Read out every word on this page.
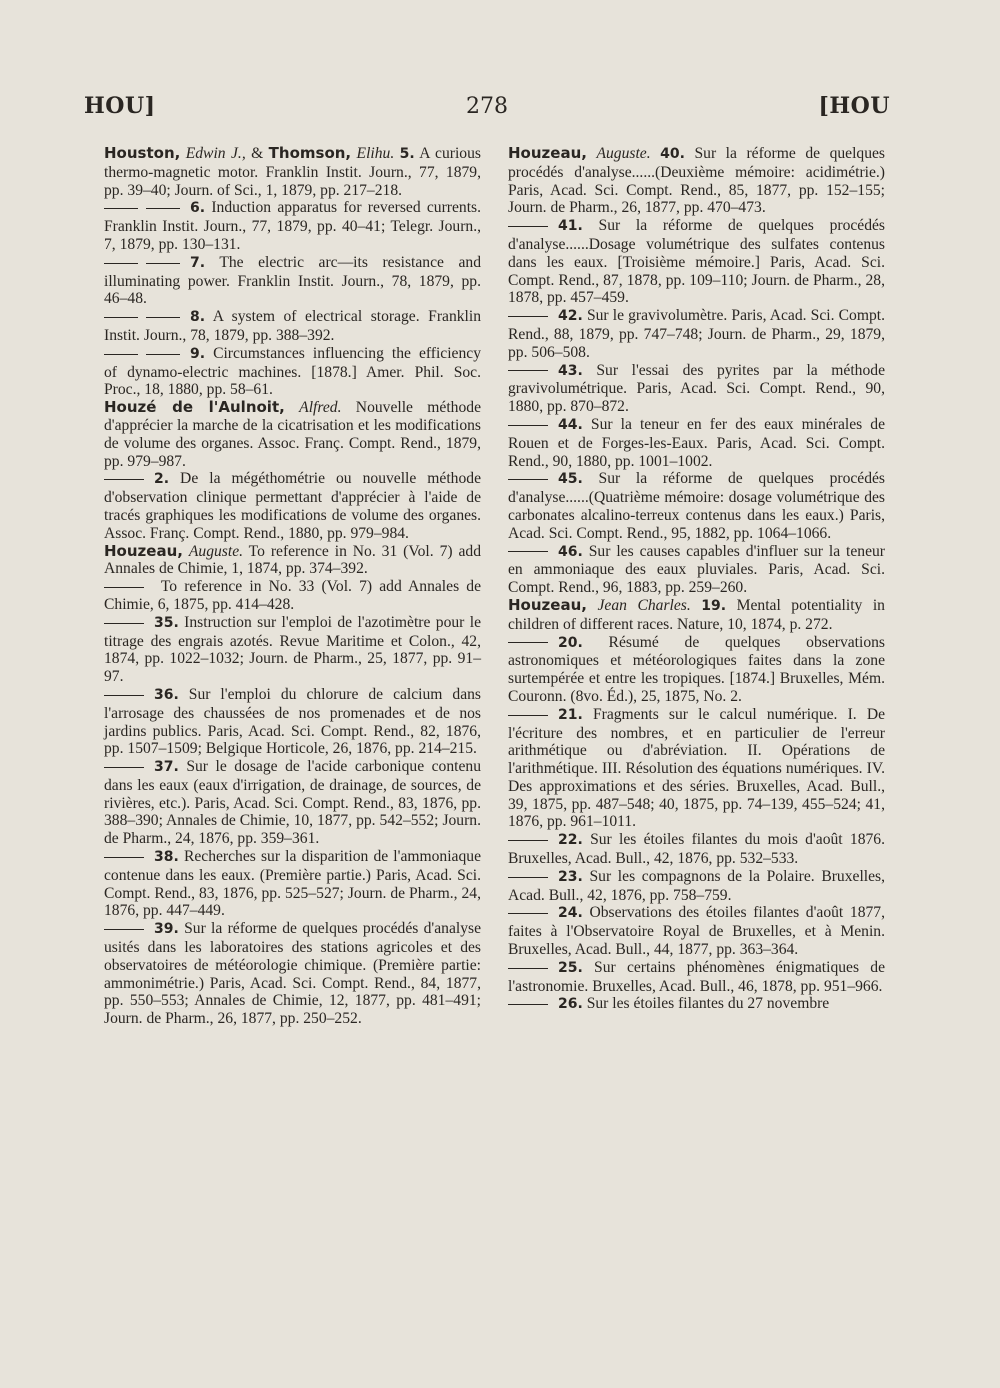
HOU]	278	[HOU
Houston, Edwin J., & Thomson, Elihu. 5. A curious thermo-magnetic motor. Franklin Instit. Journ., 77, 1879, pp. 39–40; Journ. of Sci., 1, 1879, pp. 217–218.
6. Induction apparatus for reversed currents. Franklin Instit. Journ., 77, 1879, pp. 40–41; Telegr. Journ., 7, 1879, pp. 130–131.
7. The electric arc—its resistance and illuminating power. Franklin Instit. Journ., 78, 1879, pp. 46–48.
8. A system of electrical storage. Franklin Instit. Journ., 78, 1879, pp. 388–392.
9. Circumstances influencing the efficiency of dynamo-electric machines. [1878.] Amer. Phil. Soc. Proc., 18, 1880, pp. 58–61.
Houzé de l'Aulnoit, Alfred. Nouvelle méthode d'apprécier la marche de la cicatrisation et les modifications de volume des organes. Assoc. Franç. Compt. Rend., 1879, pp. 979–987.
2. De la mégéthométrie ou nouvelle méthode d'observation clinique permettant d'apprécier à l'aide de tracés graphiques les modifications de volume des organes. Assoc. Franç. Compt. Rend., 1880, pp. 979–984.
Houzeau, Auguste. To reference in No. 31 (Vol. 7) add Annales de Chimie, 1, 1874, pp. 374–392.
To reference in No. 33 (Vol. 7) add Annales de Chimie, 6, 1875, pp. 414–428.
35. Instruction sur l'emploi de l'azotimètre pour le titrage des engrais azotés. Revue Maritime et Colon., 42, 1874, pp. 1022–1032; Journ. de Pharm., 25, 1877, pp. 91–97.
36. Sur l'emploi du chlorure de calcium dans l'arrosage des chaussées de nos promenades et de nos jardins publics. Paris, Acad. Sci. Compt. Rend., 82, 1876, pp. 1507–1509; Belgique Horticole, 26, 1876, pp. 214–215.
37. Sur le dosage de l'acide carbonique contenu dans les eaux (eaux d'irrigation, de drainage, de sources, de rivières, etc.). Paris, Acad. Sci. Compt. Rend., 83, 1876, pp. 388–390; Annales de Chimie, 10, 1877, pp. 542–552; Journ. de Pharm., 24, 1876, pp. 359–361.
38. Recherches sur la disparition de l'ammoniaque contenue dans les eaux. (Première partie.) Paris, Acad. Sci. Compt. Rend., 83, 1876, pp. 525–527; Journ. de Pharm., 24, 1876, pp. 447–449.
39. Sur la réforme de quelques procédés d'analyse usités dans les laboratoires des stations agricoles et des observatoires de météorologie chimique. (Première partie: ammonimétrie.) Paris, Acad. Sci. Compt. Rend., 84, 1877, pp. 550–553; Annales de Chimie, 12, 1877, pp. 481–491; Journ. de Pharm., 26, 1877, pp. 250–252.
Houzeau, Auguste. 40. Sur la réforme de quelques procédés d'analyse......(Deuxième mémoire: acidimétrie.) Paris, Acad. Sci. Compt. Rend., 85, 1877, pp. 152–155; Journ. de Pharm., 26, 1877, pp. 470–473.
41. Sur la réforme de quelques procédés d'analyse......Dosage volumétrique des sulfates contenus dans les eaux. [Troisième mémoire.] Paris, Acad. Sci. Compt. Rend., 87, 1878, pp. 109–110; Journ. de Pharm., 28, 1878, pp. 457–459.
42. Sur le gravivolumètre. Paris, Acad. Sci. Compt. Rend., 88, 1879, pp. 747–748; Journ. de Pharm., 29, 1879, pp. 506–508.
43. Sur l'essai des pyrites par la méthode gravivolumétrique. Paris, Acad. Sci. Compt. Rend., 90, 1880, pp. 870–872.
44. Sur la teneur en fer des eaux minérales de Rouen et de Forges-les-Eaux. Paris, Acad. Sci. Compt. Rend., 90, 1880, pp. 1001–1002.
45. Sur la réforme de quelques procédés d'analyse......(Quatrième mémoire: dosage volumétrique des carbonates alcalino-terreux contenus dans les eaux.) Paris, Acad. Sci. Compt. Rend., 95, 1882, pp. 1064–1066.
46. Sur les causes capables d'influer sur la teneur en ammoniaque des eaux pluviales. Paris, Acad. Sci. Compt. Rend., 96, 1883, pp. 259–260.
Houzeau, Jean Charles. 19. Mental potentiality in children of different races. Nature, 10, 1874, p. 272.
20. Résumé de quelques observations astronomiques et météorologiques faites dans la zone surtempérée et entre les tropiques. [1874.] Bruxelles, Mém. Couronn. (8vo. Éd.), 25, 1875, No. 2.
21. Fragments sur le calcul numérique. I. De l'écriture des nombres, et en particulier de l'erreur arithmétique ou d'abréviation. II. Opérations de l'arithmétique. III. Résolution des équations numériques. IV. Des approximations et des séries. Bruxelles, Acad. Bull., 39, 1875, pp. 487–548; 40, 1875, pp. 74–139, 455–524; 41, 1876, pp. 961–1011.
22. Sur les étoiles filantes du mois d'août 1876. Bruxelles, Acad. Bull., 42, 1876, pp. 532–533.
23. Sur les compagnons de la Polaire. Bruxelles, Acad. Bull., 42, 1876, pp. 758–759.
24. Observations des étoiles filantes d'août 1877, faites à l'Observatoire Royal de Bruxelles, et à Menin. Bruxelles, Acad. Bull., 44, 1877, pp. 363–364.
25. Sur certains phénomènes énigmatiques de l'astronomie. Bruxelles, Acad. Bull., 46, 1878, pp. 951–966.
26. Sur les étoiles filantes du 27 novembre
